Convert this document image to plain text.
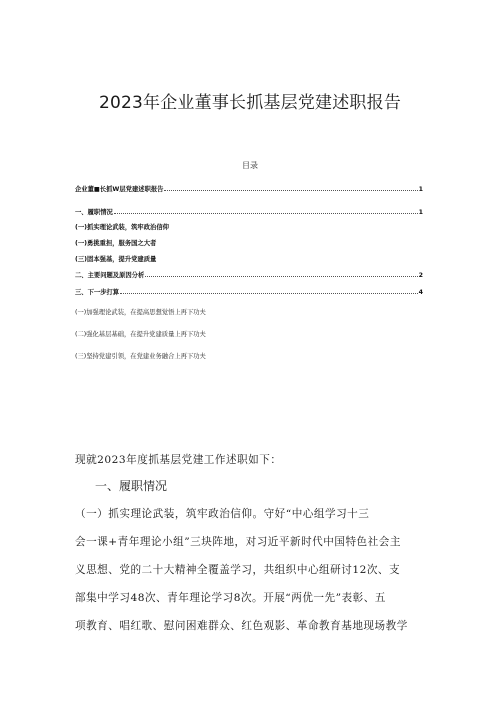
2023年企业董事长抓基层党建述职报告
目录
企业董■长抓W层党建述职报告	1
一、履职情况	1
(一)抓实理论武装，筑牢政治信仰
(一)勇挑重担，服务国之大者
(三)固本强基，提升党建质量
二、主要问题及原因分析	2
三、下一步打算	4
(一)加强理论武装，在提高思想觉悟上再下功夫
(二)强化基层基础，在提升党建质量上再下功夫
(三)坚持党建引领，在党建业务融合上再下功夫
现就2023年度抓基层党建工作述职如下：
一、履职情况
（一）抓实理论武装，筑牢政治信仰。守好“中心组学习十三
会一课+青年理论小组”三块阵地，对习近平新时代中国特色社会主
义思想、党的二十大精神全覆盖学习，共组织中心组研讨12次、支
部集中学习48次、青年理论学习8次。开展“两优一先”表彰、五
项教育、唱红歌、慰问困难群众、红色观影、革命教育基地现场教学
